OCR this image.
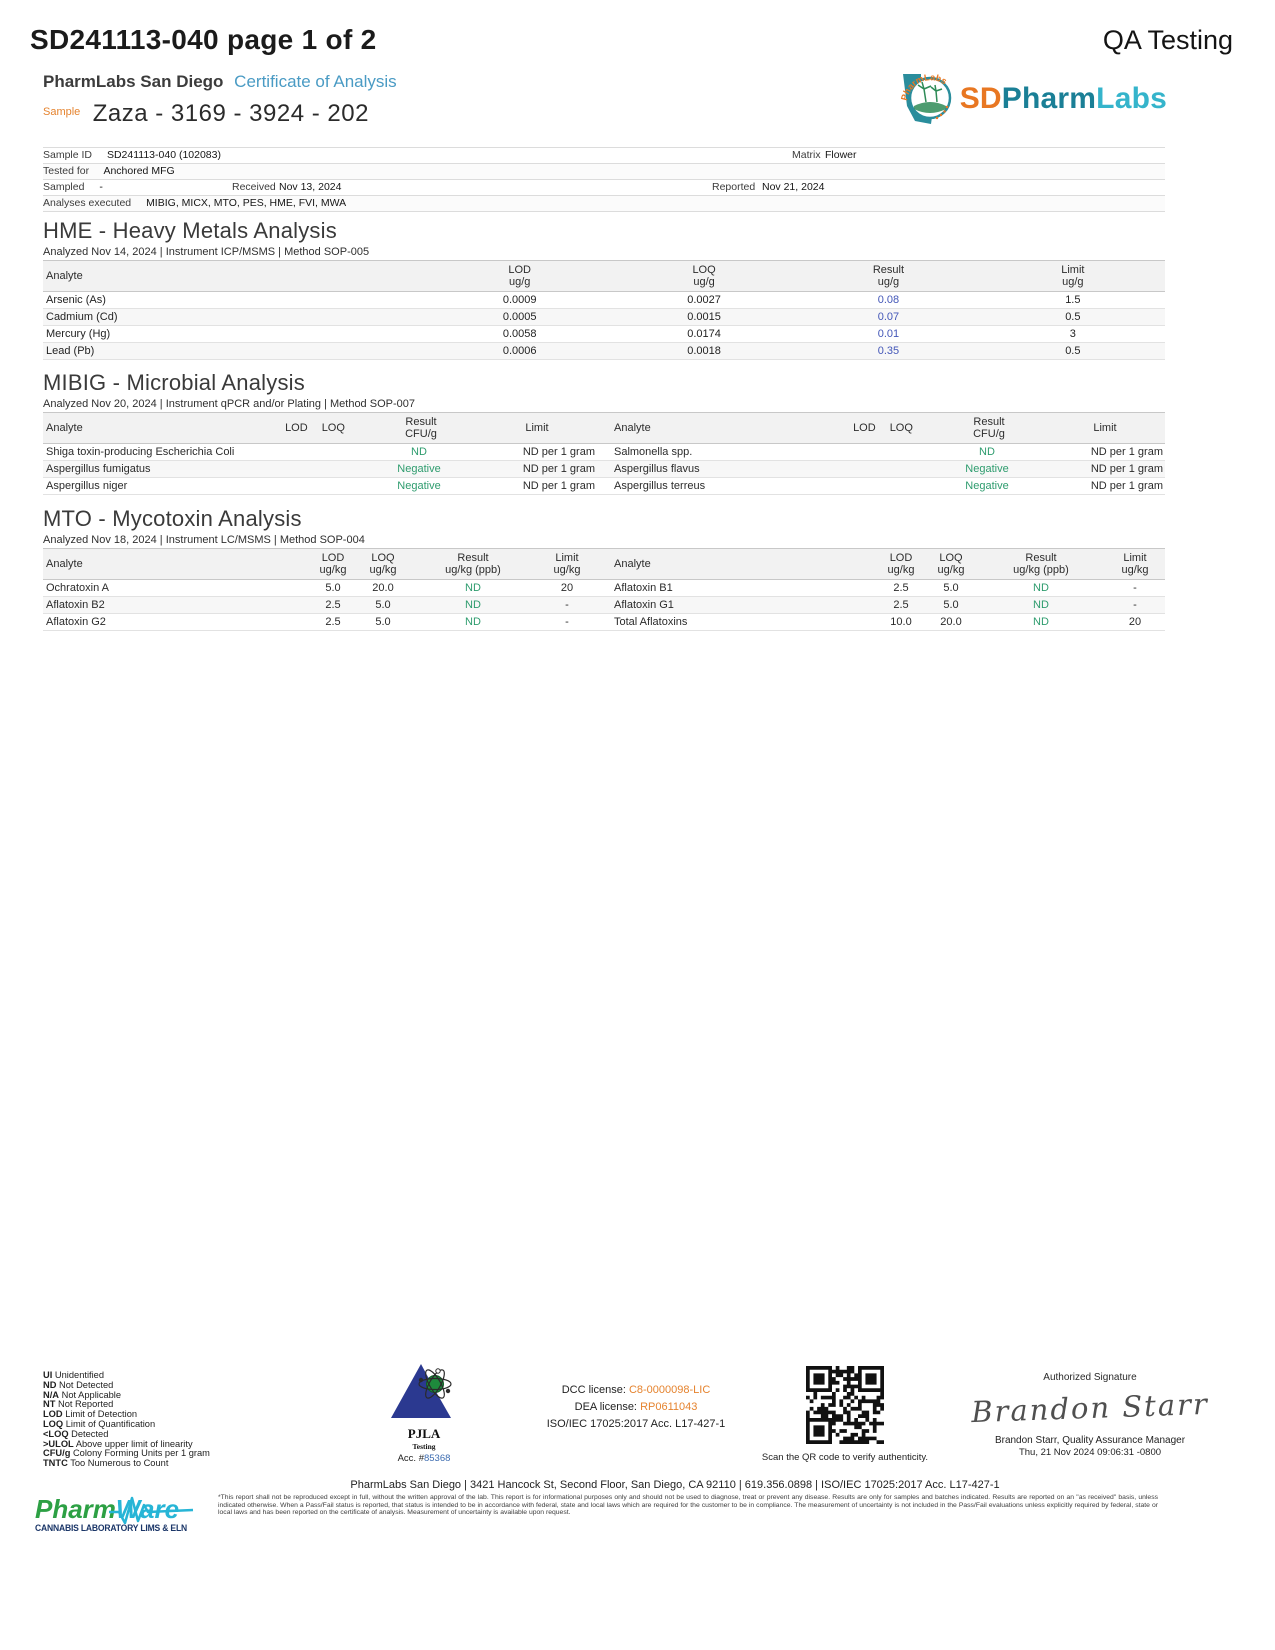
SD241113-040 page 1 of 2	QA Testing
PharmLabs San Diego Certificate of Analysis
$^{Sample}$ Zaza - 3169 - 3924 - 202
PharmLabs
SDPharmLabs
Sample ID SD241113-040 (102083)	Matrix Flower
Tested for Anchored MFG
Sampled -	Received Nov 13, 2024	Reported Nov 21, 2024
Analyses executed MIBIG, MICX, MTO, PES, HME, FVI, MWA
HME - Heavy Metals Analysis
Analyzed Nov 14, 2024 | Instrument ICP/MSMS | Method SOP-005
Analyte	LOD
ug/g
LOQ
ug/g
Result
ug/g
Limit
ug/g
Arsenic (As)	0.0009	0.0027	0.08	1.5
Cadmium (Cd)	0.0005	0.0015	0.07	0.5
Mercury (Hg)	0.0058	0.0174	0.01	3
Lead (Pb)	0.0006	0.0018	0.35	0.5
MIBIG - Microbial Analysis
Analyzed Nov 20, 2024 | Instrument qPCR and/or Plating | Method SOP-007
Analyte	LOD LOQ	Result
CFU/g	Limit	Analyte	LOD LOQ	Result
CFU/g	Limit
Shiga toxin-producing Escherichia Coli	ND	ND per 1 gram Salmonella spp.	ND	ND per 1 gram
Aspergillus fumigatus	Negative	ND per 1 gram Aspergillus flavus	Negative	ND per 1 gram
Aspergillus niger	Negative	ND per 1 gram Aspergillus terreus	Negative	ND per 1 gram
MTO - Mycotoxin Analysis
Analyzed Nov 18, 2024 | Instrument LC/MSMS | Method SOP-004
Analyte	LOD
ug/kg
LOQ
ug/kg
Result
ug/kg (ppb)
Limit
ug/kg	Analyte	LOD
ug/kg
LOQ
ug/kg
Result
ug/kg (ppb)
Limit
ug/kg
Ochratoxin A	5.0	20.0	ND	20	Aflatoxin B1	2.5	5.0	ND	-
Aflatoxin B2	2.5	5.0	ND	-	Aflatoxin G1	2.5	5.0	ND	-
Aflatoxin G2	2.5	5.0	ND	-	Total Aflatoxins	10.0	20.0	ND	20
UI Unidentified
ND Not Detected
N/A Not Applicable
NT Not Reported
LOD Limit of Detection
LOQ Limit of Quantification
<LOQ Detected
>ULOL Above upper limit of linearity
CFU/g Colony Forming Units per 1 gram
TNTC Too Numerous to Count
PJLA
Testing
Acc. #85368
DCC license: C8-0000098-LIC
DEA license: RP0611043
ISO/IEC 17025:2017 Acc. L17-427-1
Scan the QR code to verify authenticity.
Authorized Signature
Brandon Starr
Brandon Starr, Quality Assurance Manager
Thu, 21 Nov 2024 09:06:31 -0800
PharmLabs San Diego | 3421 Hancock St, Second Floor, San Diego, CA 92110 | 619.356.0898 | ISO/IEC 17025:2017 Acc. L17-427-1
*This report shall not be reproduced except in full, without the written approval of the lab. This report is for informational purposes only and should not be used to diagnose, treat or prevent any disease. Results are only for samples and batches indicated. Results are reported on an "as received" basis, unless indicated otherwise. When a Pass/Fail status is reported, that status is intended to be in accordance with federal, state and local laws which are required for the customer to be in compliance. The measurement of uncertainty is not included in the Pass/Fail evaluations unless explicitly required by federal, state or local laws and has been reported on the certificate of analysis. Measurement of uncertainty is available upon request.
PharmWare
CANNABIS LABORATORY LIMS & ELN
